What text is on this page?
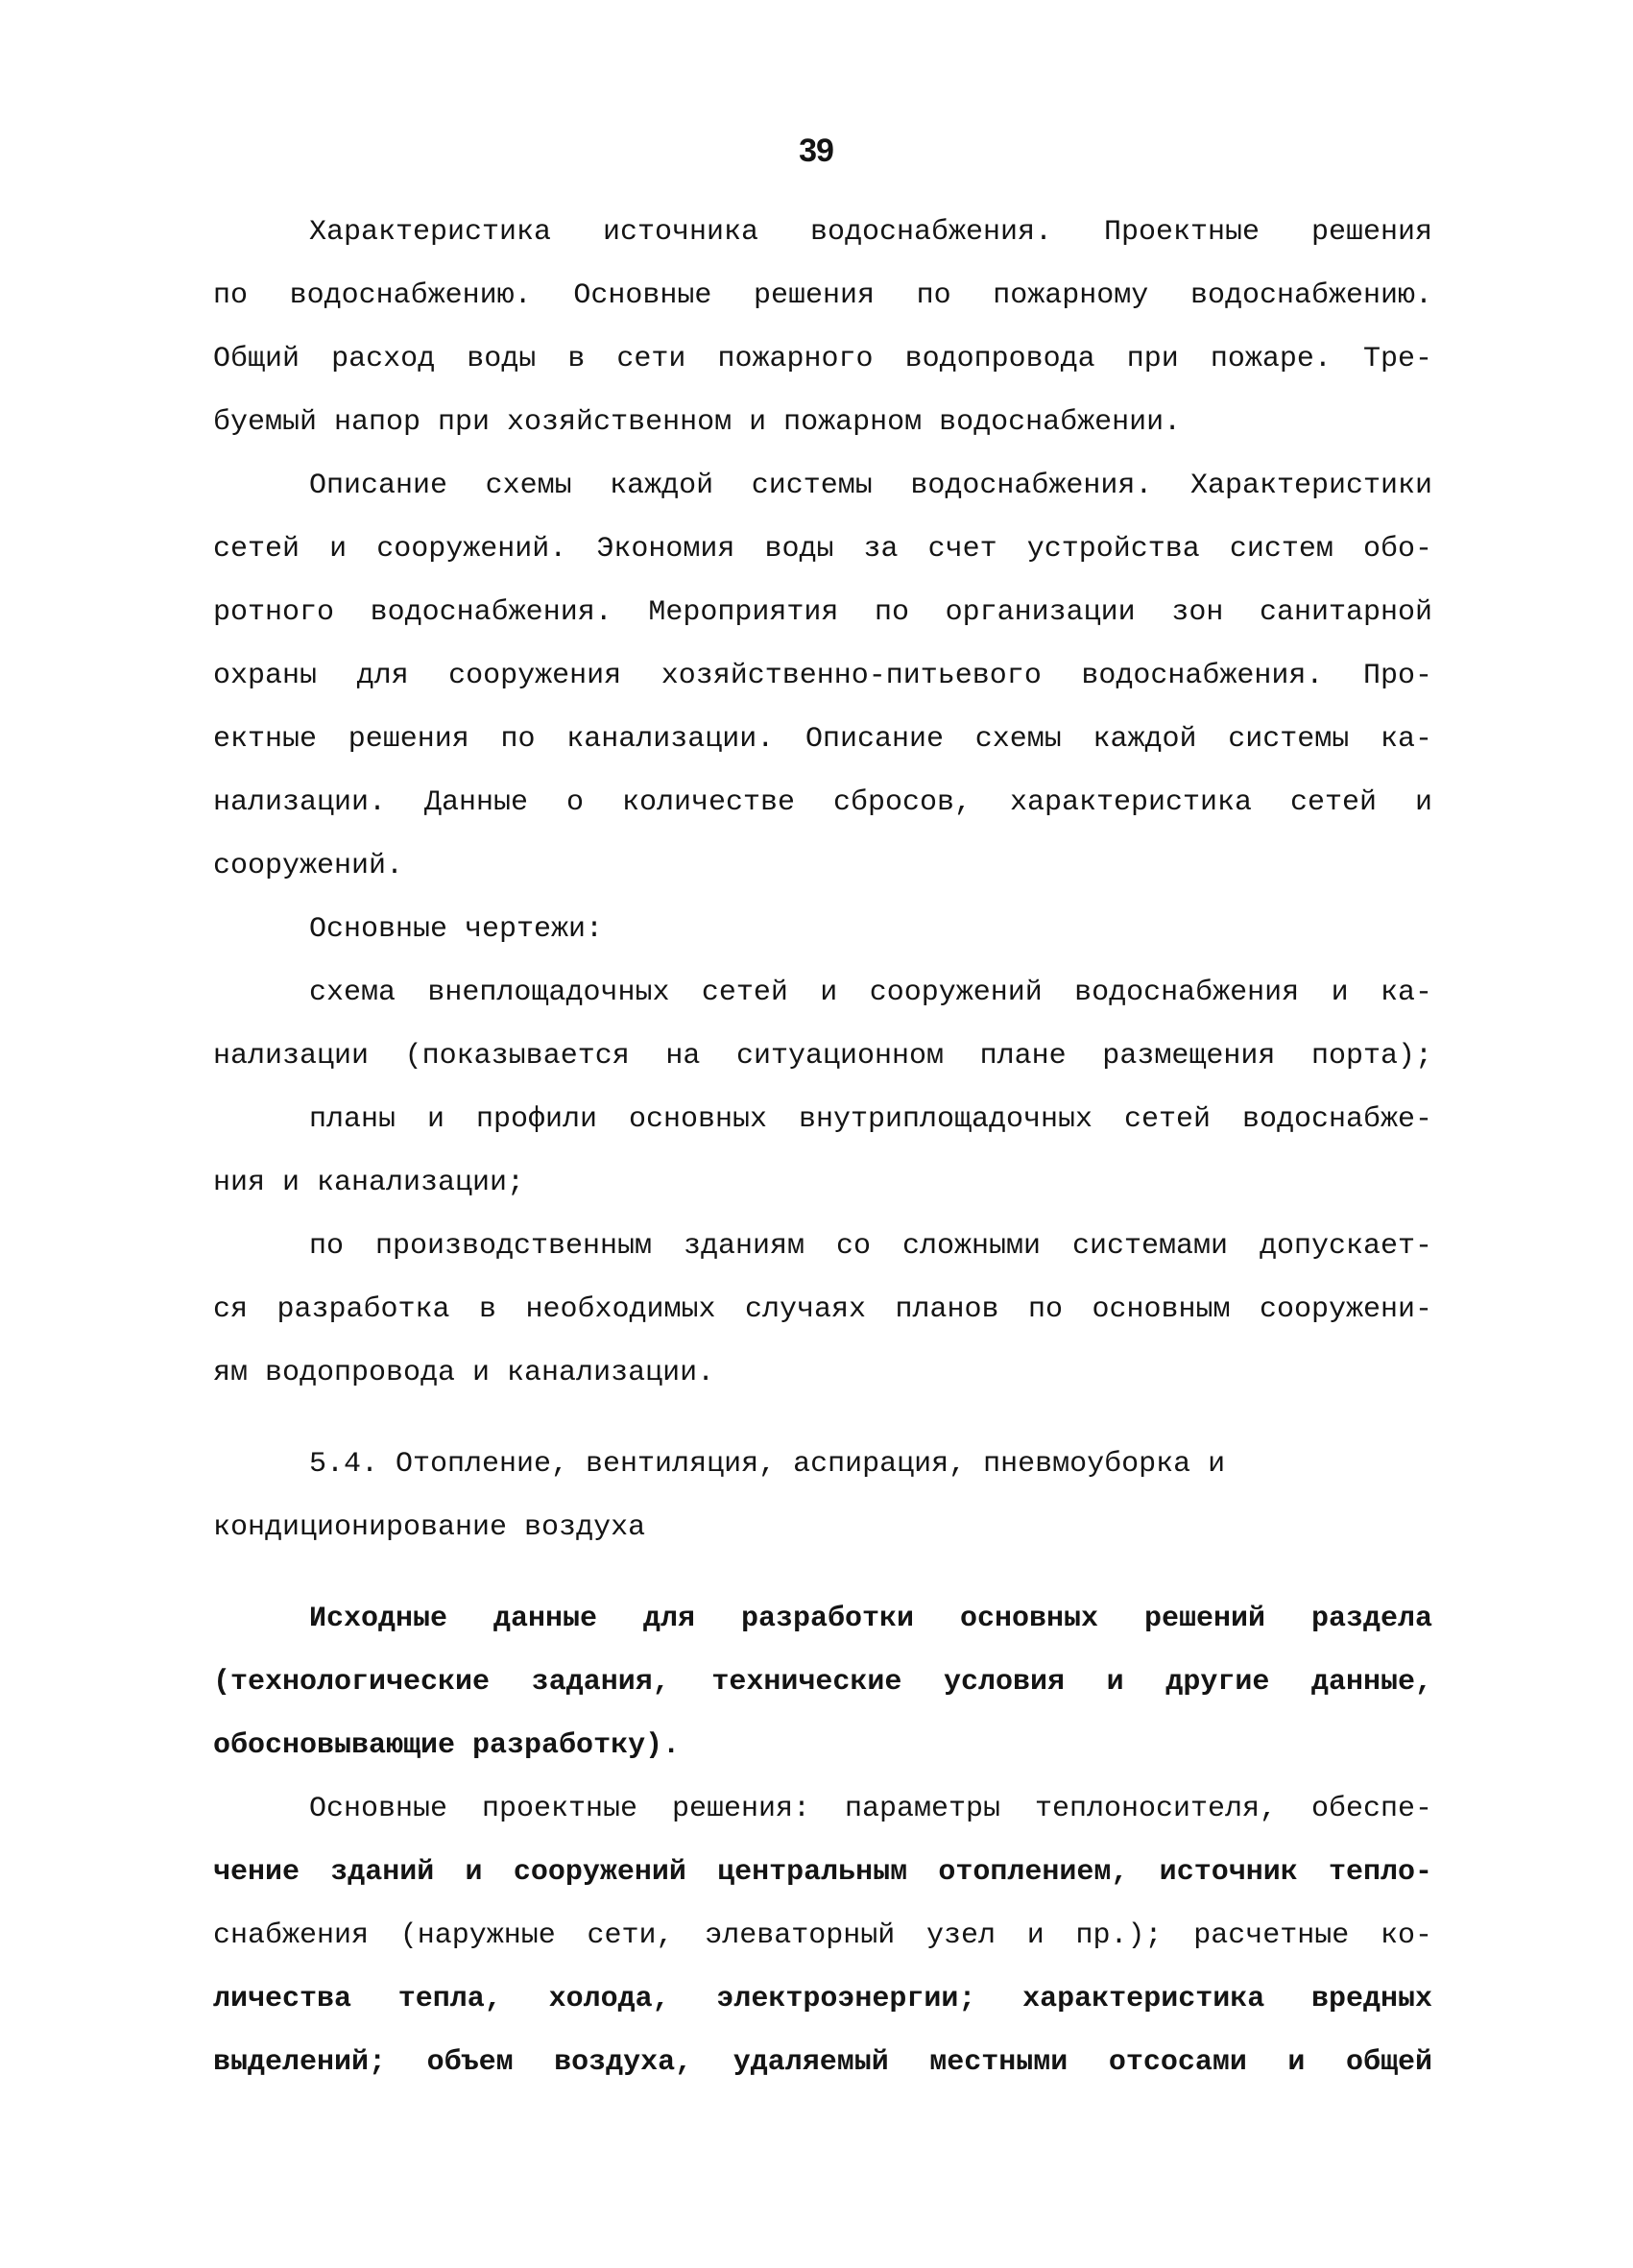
39
Характеристика источника водоснабжения. Проектные решения
по водоснабжению. Основные решения по пожарному водоснабжению.
Общий расход воды в сети пожарного водопровода при пожаре. Тре-
буемый напор при хозяйственном и пожарном водоснабжении.
Описание схемы каждой системы водоснабжения. Характеристики
сетей и сооружений. Экономия воды за счет устройства систем обо-
ротного водоснабжения. Мероприятия по организации зон санитарной
охраны для сооружения хозяйственно-питьевого водоснабжения. Про-
ектные решения по канализации. Описание схемы каждой системы ка-
нализации. Данные о количестве сбросов, характеристика сетей и
сооружений.
Основные чертежи:
схема внеплощадочных сетей и сооружений водоснабжения и ка-
нализации (показывается на ситуационном плане размещения порта);
планы и профили основных внутриплощадочных сетей водоснабже-
ния и канализации;
по производственным зданиям со сложными системами допускает-
ся разработка в необходимых случаях планов по основным сооружени-
ям водопровода и канализации.
5.4. Отопление, вентиляция, аспирация, пневмоуборка и
кондиционирование воздуха
Исходные данные для разработки основных решений раздела
(технологические задания, технические условия и другие данные,
обосновывающие разработку).
Основные проектные решения: параметры теплоносителя, обеспе-
чение зданий и сооружений центральным отоплением, источник тепло-
снабжения (наружные сети, элеваторный узел и пр.); расчетные ко-
личества тепла, холода, электроэнергии; характеристика вредных
выделений; объем воздуха, удаляемый местными отсосами и общей
